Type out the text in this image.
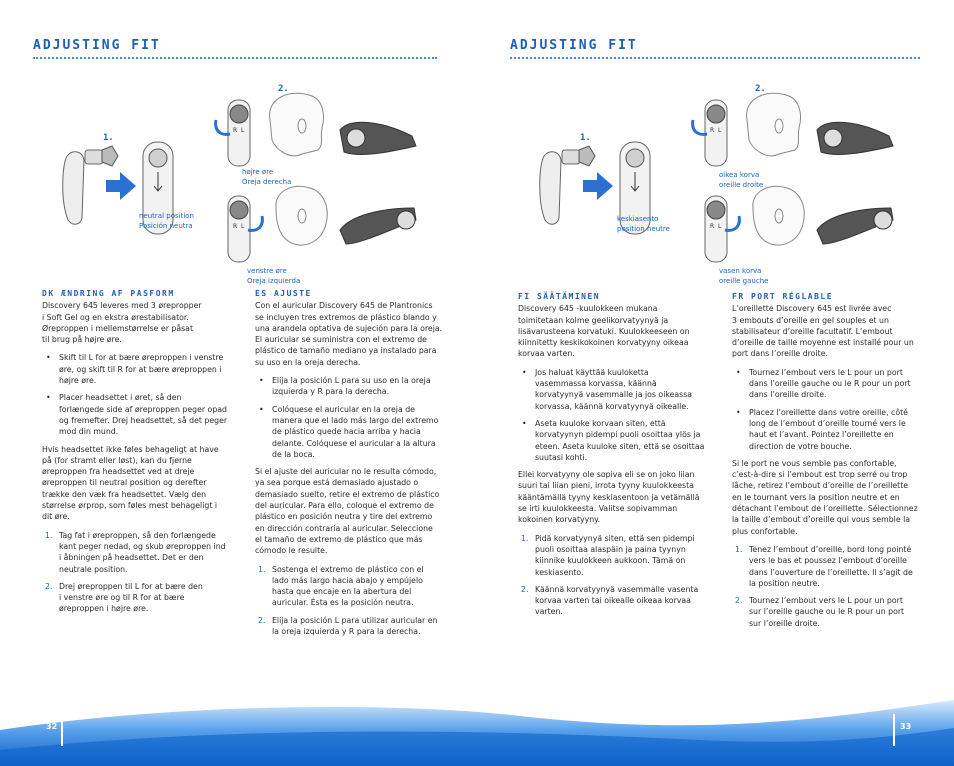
ADJUSTING FIT
R L
R L
1.
2.
neutral position
Posición neutra
højre øre
Oreja derecha
venstre øre
Oreja izquierda
DK ÆNDRING AF PASFORM

Discovery 645 leveres med 3 ørepropper
i Soft Gel og en ekstra ørestabilisator.
Øreproppen i mellemstørrelse er påsat
til brug på højre øre.

• Skift til L for at bære øreproppen i venstre
øre, og skift til R for at bære øreproppen i
højre øre.
• Placer headsettet i øret, så den
forlængede side af øreproppen peger opad
og fremefter. Drej headsettet, så det peger
mod din mund.

Hvis headsettet ikke føles behageligt at have
på (for stramt eller løst), kan du fjerne
øreproppen fra headsettet ved at dreje
øreproppen til neutral position og derefter
trække den væk fra headsettet. Vælg den
størrelse ørprop, som føles mest behageligt i
dit øre.

1. Tag fat i øreproppen, så den forlængede
kant peger nedad, og skub øreproppen ind
i åbningen på headsettet. Det er den
neutrale position.
2. Drej øreproppen til L for at bære den
i venstre øre og til R for at bære
øreproppen i højre øre.
ES AJUSTE

Con el auricular Discovery 645 de Plantronics
se incluyen tres extremos de plástico blando y
una arandela optativa de sujeción para la oreja.
El auricular se suministra con el extremo de
plástico de tamaño mediano ya instalado para
su uso en la oreja derecha.

• Elija la posición L para su uso en la oreja
izquierda y R para la derecha.
• Colóquese el auricular en la oreja de
manera que el lado más largo del extremo
de plástico quede hacia arriba y hacia
delante. Colóquese el auricular a la altura
de la boca.

Si el ajuste del auricular no le resulta cómodo,
ya sea porque está demasiado ajustado o
demasiado suelto, retire el extremo de plástico
del auricular. Para ello, coloque el extremo de
plástico en posición neutra y tire del extremo
en dirección contraria al auricular. Seleccione
el tamaño de extremo de plástico que más
cómodo le resulte.

1. Sostenga el extremo de plástico con el
lado más largo hacia abajo y empújelo
hasta que encaje en la abertura del
auricular. Ésta es la posición neutra.
2. Elija la posición L para utilizar auricular en
la oreja izquierda y R para la derecha.
ADJUSTING FIT
R L
R L
1.
2.
keskiasento
position neutre
oikea korva
oreille droite
vasen korva
oreille gauche
FI SÄÄTÄMINEN

Discovery 645 -kuulokkeen mukana
toimitetaan kolme geelikorvatyynyä ja
lisävarusteena korvatuki. Kuulokkeeseen on
kiinnitetty keskikokoinen korvatyyny oikeaa
korvaa varten.

• Jos haluat käyttää kuuloketta
vasemmassa korvassa, käännä
korvatyynyä vasemmalle ja jos oikeassa
korvassa, käännä korvatyynyä oikealle.
• Aseta kuuloke korvaan siten, että
korvatyynyn pidempi puoli osoittaa ylös ja
eteen. Aseta kuuloke siten, että se osoittaa
suutasi kohti.

Ellei korvatyyny ole sopiva eli se on joko liian
suuri tai liian pieni, irrota tyyny kuulokkeesta
kääntämällä tyyny keskiasentoon ja vetämällä
se irti kuulokkeesta. Valitse sopivamman
kokoinen korvatyyny.

1. Pidä korvatyynyä siten, että sen pidempi
puoli osoittaa alaspäin ja paina tyynyn
kiinnike kuulokkeen aukkoon. Tämä on
keskiasento.
2. Käännä korvatyynyä vasemmalle vasenta
korvaa varten tai oikealle oikeaa korvaa
varten.
FR PORT RÉGLABLE

L’oreillette Discovery 645 est livrée avec
3 embouts d’oreille en gel souples et un
stabilisateur d’oreille facultatif. L’embout
d’oreille de taille moyenne est installé pour un
port dans l’oreille droite.

• Tournez l’embout vers le L pour un port
dans l’oreille gauche ou le R pour un port
dans l’oreille droite.
• Placez l’oreillette dans votre oreille, côté
long de l’embout d’oreille tourné vers le
haut et l’avant. Pointez l’oreillette en
direction de votre bouche.

Si le port ne vous semble pas confortable,
c’est-à-dire si l’embout est trop serré ou trop
lâche, retirez l’embout d’oreille de l’oreillette
en le tournant vers la position neutre et en
détachant l’embout de l’oreillette. Sélectionnez
la taille d’embout d’oreille qui vous semble la
plus confortable.

1. Tenez l’embout d’oreille, bord long pointé
vers le bas et poussez l’embout d’oreille
dans l’ouverture de l’oreillette. Il s’agit de
la position neutre.
2. Tournez l’embout vers le L pour un port
sur l’oreille gauche ou le R pour un port
sur l’oreille droite.
32	33
